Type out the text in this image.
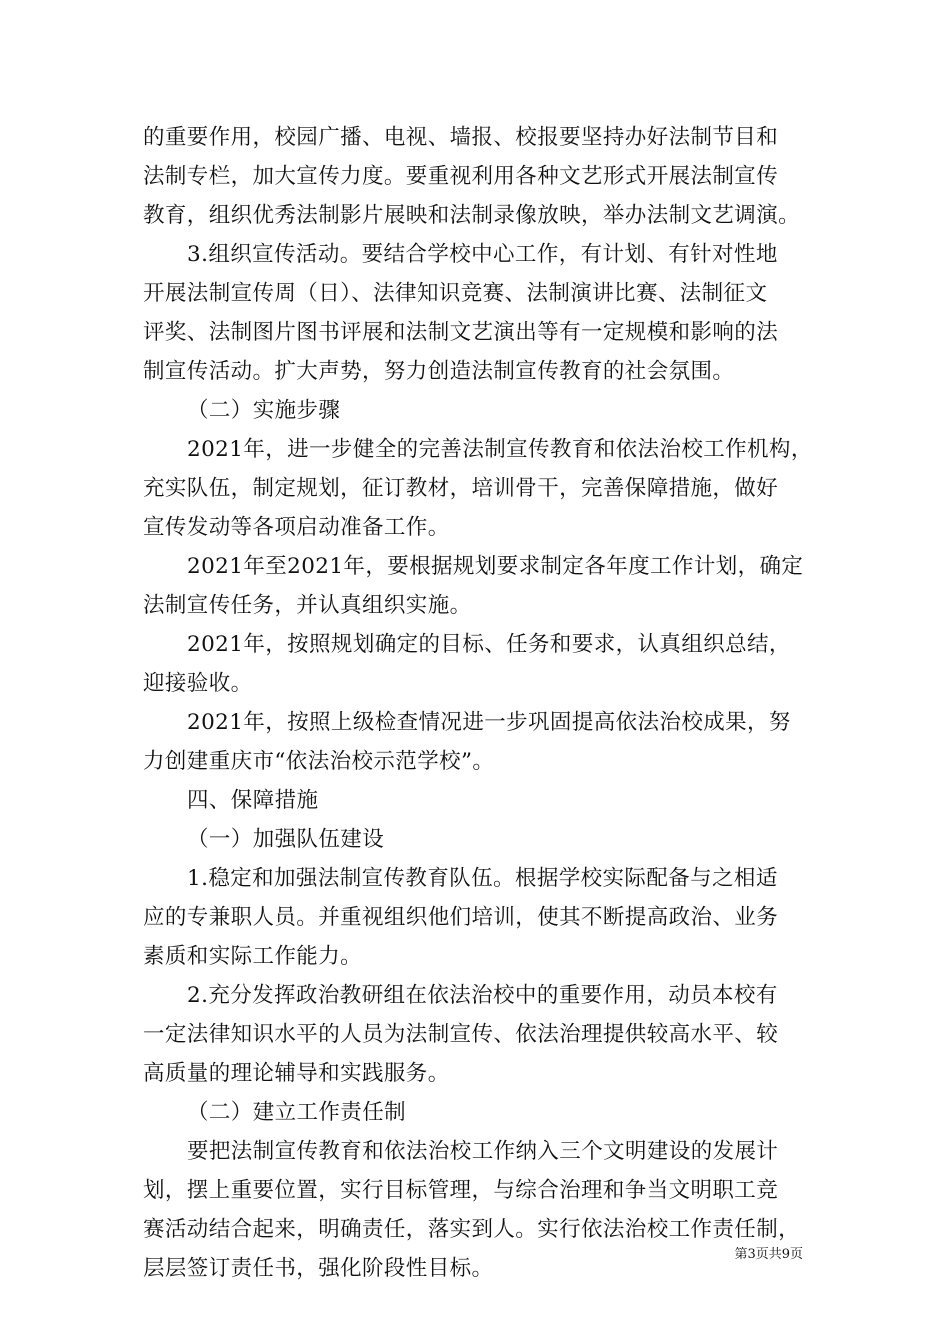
的重要作用，校园广播、电视、墙报、校报要坚持办好法制节目和
法制专栏，加大宣传力度。要重视利用各种文艺形式开展法制宣传
教育，组织优秀法制影片展映和法制录像放映，举办法制文艺调演。
3.组织宣传活动。要结合学校中心工作，有计划、有针对性地
开展法制宣传周（日）、法律知识竞赛、法制演讲比赛、法制征文
评奖、法制图片图书评展和法制文艺演出等有一定规模和影响的法
制宣传活动。扩大声势，努力创造法制宣传教育的社会氛围。
（二）实施步骤
2021年，进一步健全的完善法制宣传教育和依法治校工作机构，
充实队伍，制定规划，征订教材，培训骨干，完善保障措施，做好
宣传发动等各项启动准备工作。
2021年至2021年，要根据规划要求制定各年度工作计划，确定
法制宣传任务，并认真组织实施。
2021年，按照规划确定的目标、任务和要求，认真组织总结，
迎接验收。
2021年，按照上级检查情况进一步巩固提高依法治校成果，努
力创建重庆市“依法治校示范学校”。
四、保障措施
（一）加强队伍建设
1.稳定和加强法制宣传教育队伍。根据学校实际配备与之相适
应的专兼职人员。并重视组织他们培训，使其不断提高政治、业务
素质和实际工作能力。
2.充分发挥政治教研组在依法治校中的重要作用，动员本校有
一定法律知识水平的人员为法制宣传、依法治理提供较高水平、较
高质量的理论辅导和实践服务。
（二）建立工作责任制
要把法制宣传教育和依法治校工作纳入三个文明建设的发展计
划，摆上重要位置，实行目标管理，与综合治理和争当文明职工竞
赛活动结合起来，明确责任，落实到人。实行依法治校工作责任制，
层层签订责任书，强化阶段性目标。
第3页共9页
